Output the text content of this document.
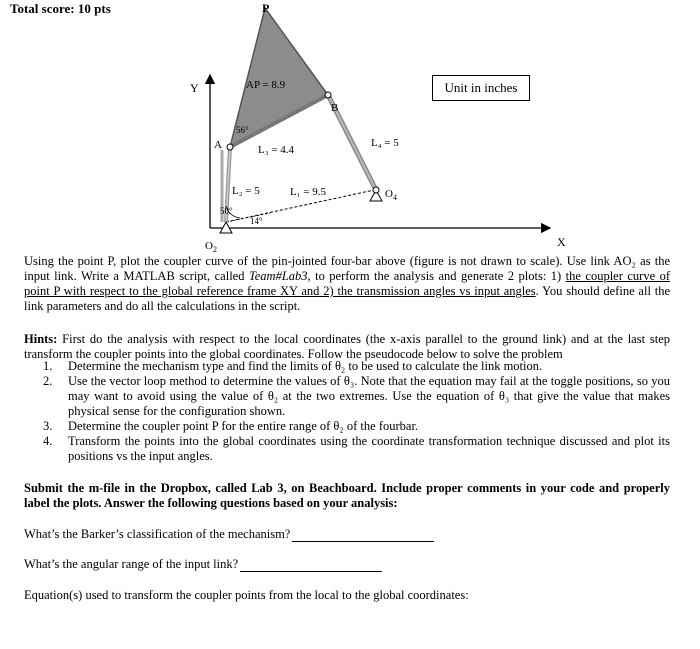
Total score: 10 pts	P
Y	AP = 8.9
B
56°
A	L₃ = 4.4
L₄ = 5
L₂ = 5	L₁ = 9.5	$O_4$
50°
14°
$O_2$
X
Unit in inches

Using the point P, plot the coupler curve of the pin-jointed four-bar above (figure is not drawn to scale). Use link AO₂ as the input link. Write a MATLAB script, called Team#Lab3, to perform the analysis and generate 2 plots: 1) the coupler curve of point P with respect to the global reference frame XY and 2) the transmission angles vs input angles. You should define all the link parameters and do all the calculations in the script.

Hints: First do the analysis with respect to the local coordinates (the x-axis parallel to the ground link) and at the last step transform the coupler points into the global coordinates. Follow the pseudocode below to solve the problem

1. Determine the mechanism type and find the limits of θ₂ to be used to calculate the link motion.
2. Use the vector loop method to determine the values of θ₃. Note that the equation may fail at the toggle positions, so you may want to avoid using the value of θ₂ at the two extremes. Use the equation of θ₃ that give the value that makes physical sense for the configuration shown.
3. Determine the coupler point P for the entire range of θ₂ of the fourbar.
4. Transform the points into the global coordinates using the coordinate transformation technique discussed and plot its positions vs the input angles.

Submit the m-file in the Dropbox, called Lab 3, on Beachboard. Include proper comments in your code and properly label the plots. Answer the following questions based on your analysis:

What’s the Barker’s classification of the mechanism?
What’s the angular range of the input link?
Equation(s) used to transform the coupler points from the local to the global coordinates:
